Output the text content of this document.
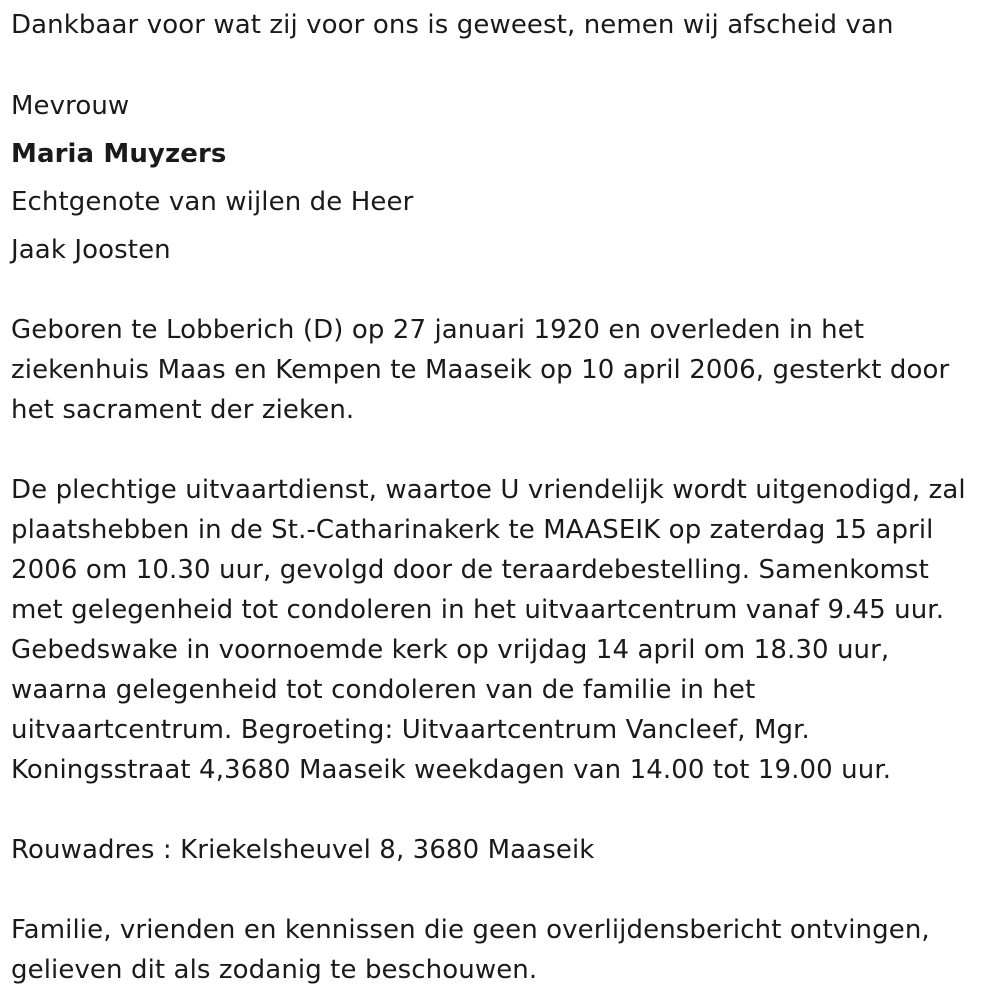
Dankbaar voor wat zij voor ons is geweest, nemen wij afscheid van
Mevrouw
Maria Muyzers
Echtgenote van wijlen de Heer
Jaak Joosten
Geboren te Lobberich (D) op 27 januari 1920 en overleden in het
ziekenhuis Maas en Kempen te Maaseik op 10 april 2006, gesterkt door
het sacrament der zieken.
De plechtige uitvaartdienst, waartoe U vriendelijk wordt uitgenodigd, zal
plaatshebben in de St.-Catharinakerk te MAASEIK op zaterdag 15 april
2006 om 10.30 uur, gevolgd door de teraardebestelling. Samenkomst
met gelegenheid tot condoleren in het uitvaartcentrum vanaf 9.45 uur.
Gebedswake in voornoemde kerk op vrijdag 14 april om 18.30 uur,
waarna gelegenheid tot condoleren van de familie in het
uitvaartcentrum. Begroeting: Uitvaartcentrum Vancleef, Mgr.
Koningsstraat 4,3680 Maaseik weekdagen van 14.00 tot 19.00 uur.
Rouwadres : Kriekelsheuvel 8, 3680 Maaseik
Familie, vrienden en kennissen die geen overlijdensbericht ontvingen,
gelieven dit als zodanig te beschouwen.
